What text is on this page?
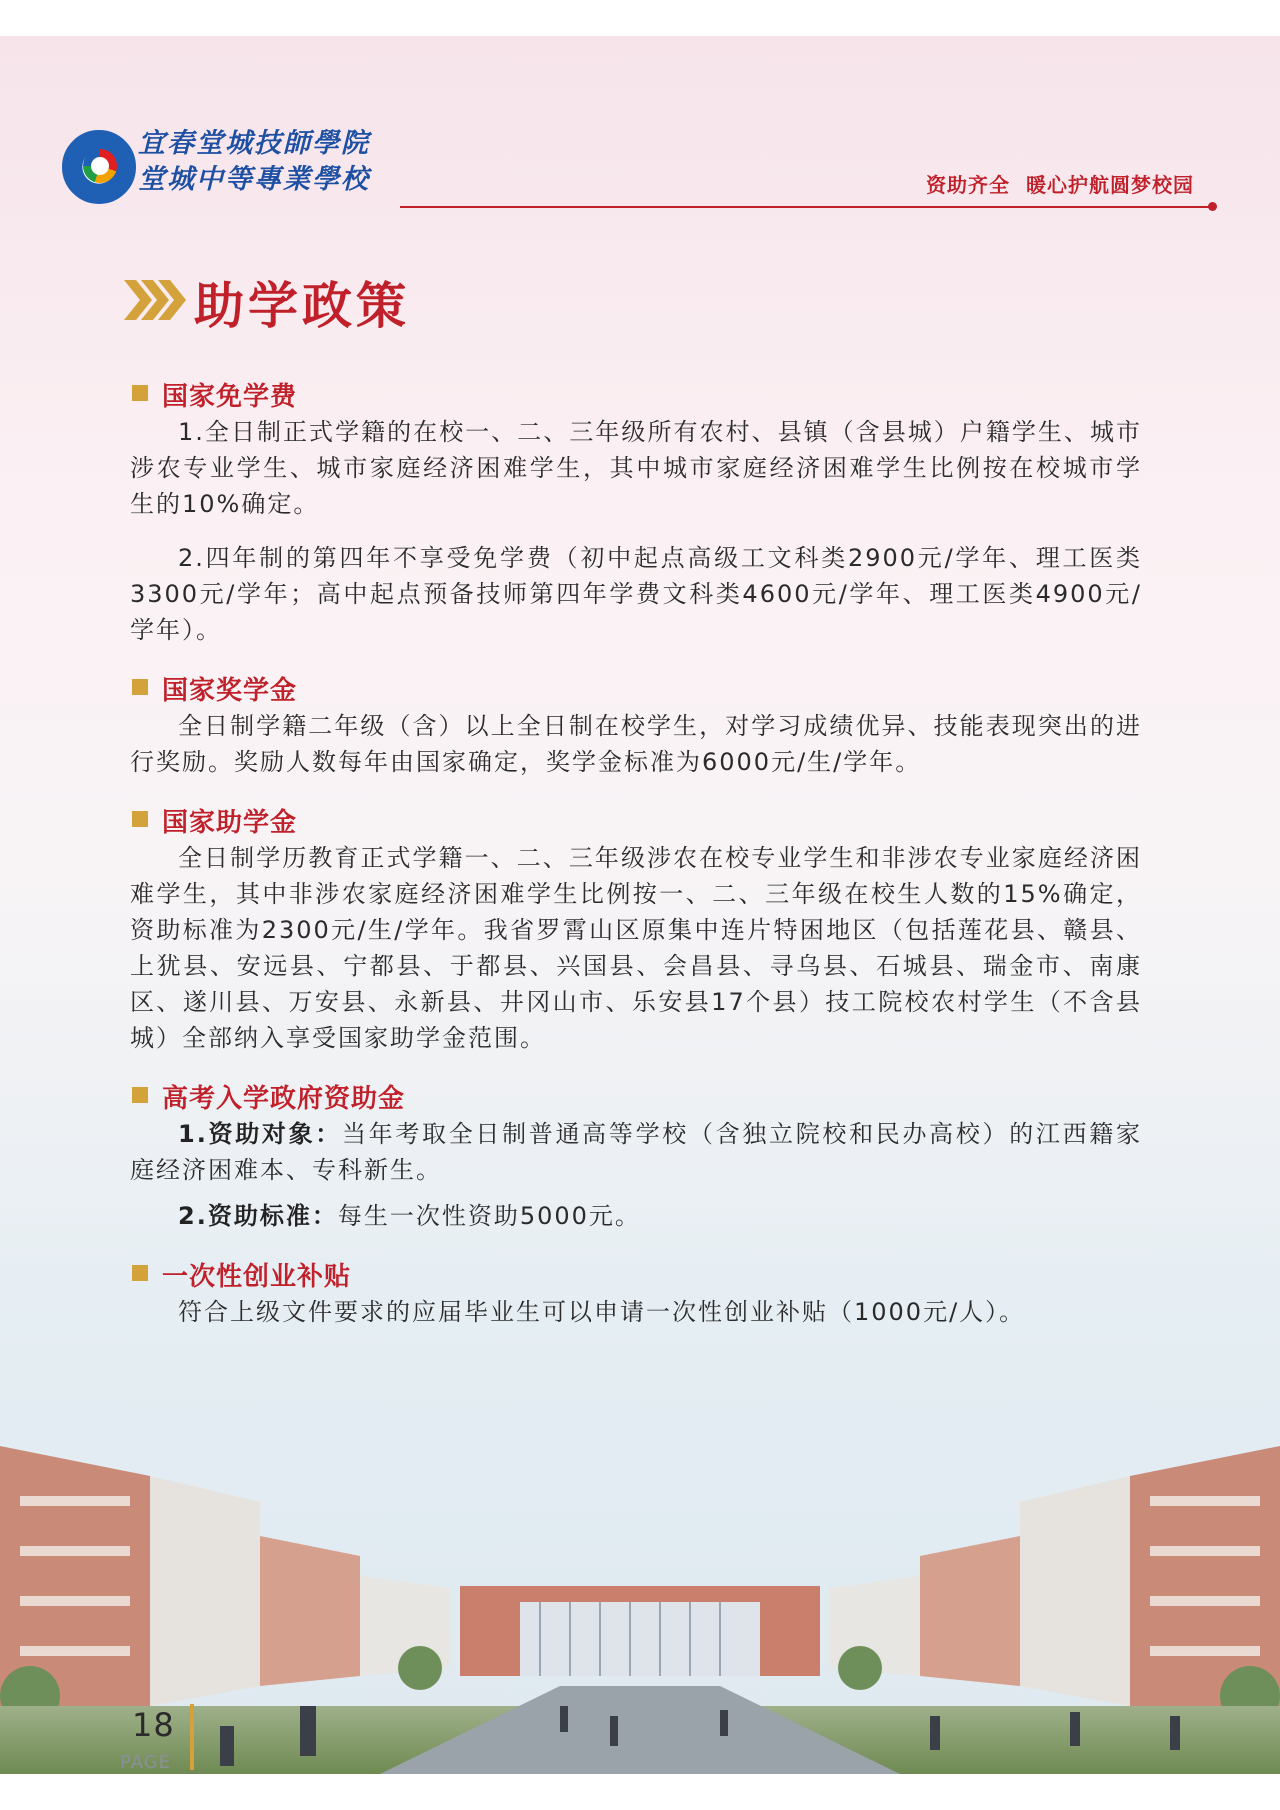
宜春堂城技師學院
堂城中等專業學校	资助齐全  暖心护航圆梦校园
助学政策
国家免学费

1.全日制正式学籍的在校一、二、三年级所有农村、县镇（含县城）户籍学生、城市涉农专业学生、城市家庭经济困难学生，其中城市家庭经济困难学生比例按在校城市学生的10%确定。

2.四年制的第四年不享受免学费（初中起点高级工文科类2900元/学年、理工医类3300元/学年；高中起点预备技师第四年学费文科类4600元/学年、理工医类4900元/学年）。

国家奖学金

全日制学籍二年级（含）以上全日制在校学生，对学习成绩优异、技能表现突出的进行奖励。奖励人数每年由国家确定，奖学金标准为6000元/生/学年。

国家助学金

全日制学历教育正式学籍一、二、三年级涉农在校专业学生和非涉农专业家庭经济困难学生，其中非涉农家庭经济困难学生比例按一、二、三年级在校生人数的15%确定，资助标准为2300元/生/学年。我省罗霄山区原集中连片特困地区（包括莲花县、赣县、上犹县、安远县、宁都县、于都县、兴国县、会昌县、寻乌县、石城县、瑞金市、南康区、遂川县、万安县、永新县、井冈山市、乐安县17个县）技工院校农村学生（不含县城）全部纳入享受国家助学金范围。

高考入学政府资助金

1.资助对象：当年考取全日制普通高等学校（含独立院校和民办高校）的江西籍家庭经济困难本、专科新生。

2.资助标准：每生一次性资助5000元。

一次性创业补贴

符合上级文件要求的应届毕业生可以申请一次性创业补贴（1000元/人）。

18
PAGE
